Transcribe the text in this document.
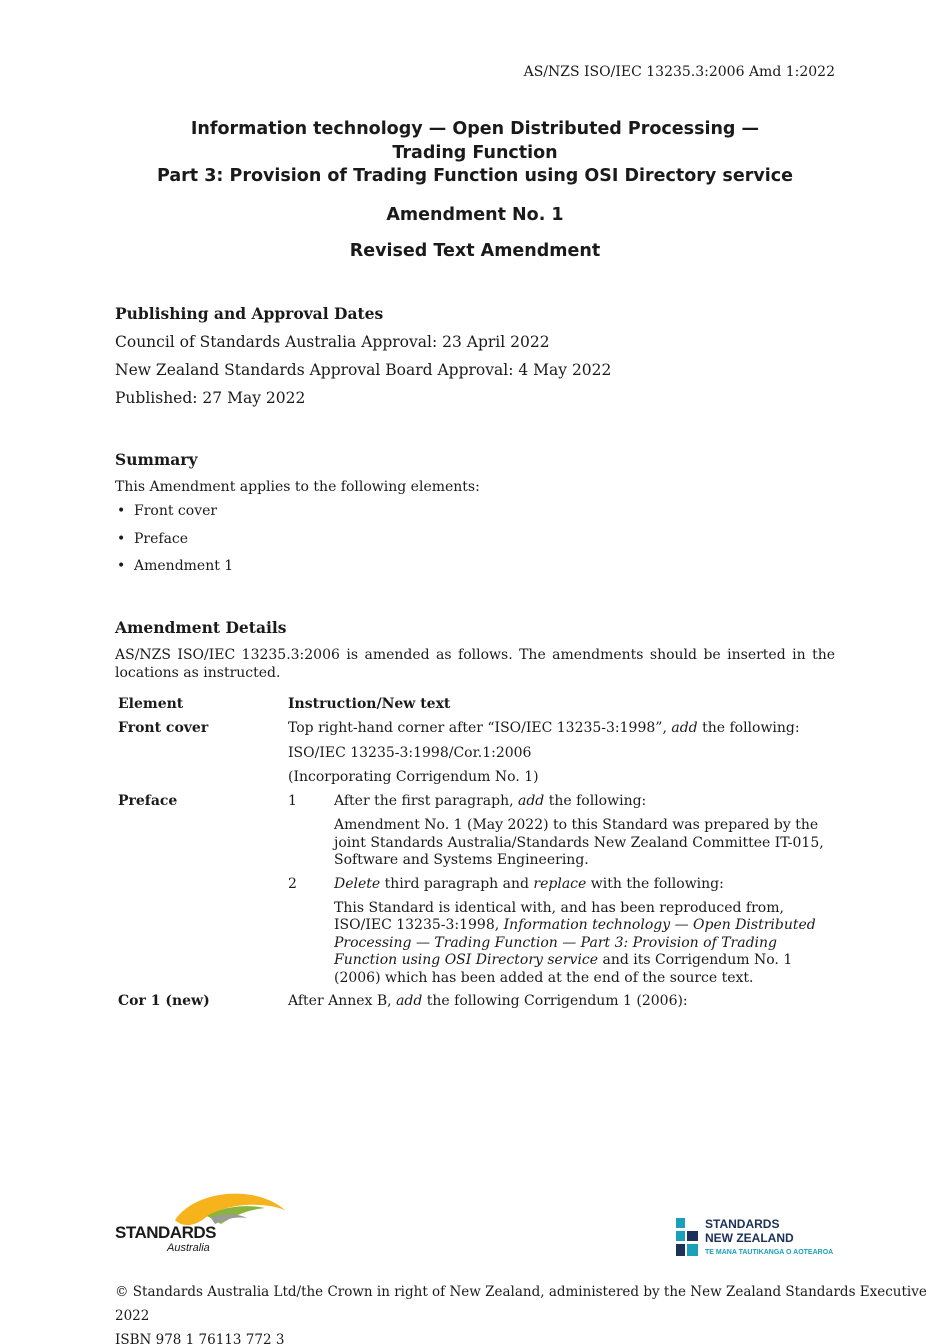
AS/NZS ISO/IEC 13235.3:2006 Amd 1:2022
Information technology — Open Distributed Processing —
Trading Function
Part 3: Provision of Trading Function using OSI Directory service
Amendment No. 1
Revised Text Amendment
Publishing and Approval Dates
Council of Standards Australia Approval: 23 April 2022
New Zealand Standards Approval Board Approval: 4 May 2022
Published: 27 May 2022
Summary
This Amendment applies to the following elements:
• Front cover
• Preface
• Amendment 1
Amendment Details
AS/NZS ISO/IEC 13235.3:2006 is amended as follows. The amendments should be inserted in the locations as instructed.
Element	Instruction/New text
Front cover	Top right-hand corner after “ISO/IEC 13235-3:1998”, add the following:
ISO/IEC 13235-3:1998/Cor.1:2006
(Incorporating Corrigendum No. 1)
Preface	1	After the first paragraph, add the following:
Amendment No. 1 (May 2022) to this Standard was prepared by the joint Standards Australia/Standards New Zealand Committee IT-015, Software and Systems Engineering.
2	Delete third paragraph and replace with the following:
This Standard is identical with, and has been reproduced from, ISO/IEC 13235-3:1998, Information technology — Open Distributed Processing — Trading Function — Part 3: Provision of Trading Function using OSI Directory service and its Corrigendum No. 1 (2006) which has been added at the end of the source text.
Cor 1 (new)	After Annex B, add the following Corrigendum 1 (2006):
STANDARDS
Australia
STANDARDS
NEW ZEALAND
TE MANA TAUTIKANGA O AOTEAROA
© Standards Australia Ltd/the Crown in right of New Zealand, administered by the New Zealand Standards Executive 2022
ISBN 978 1 76113 772 3
